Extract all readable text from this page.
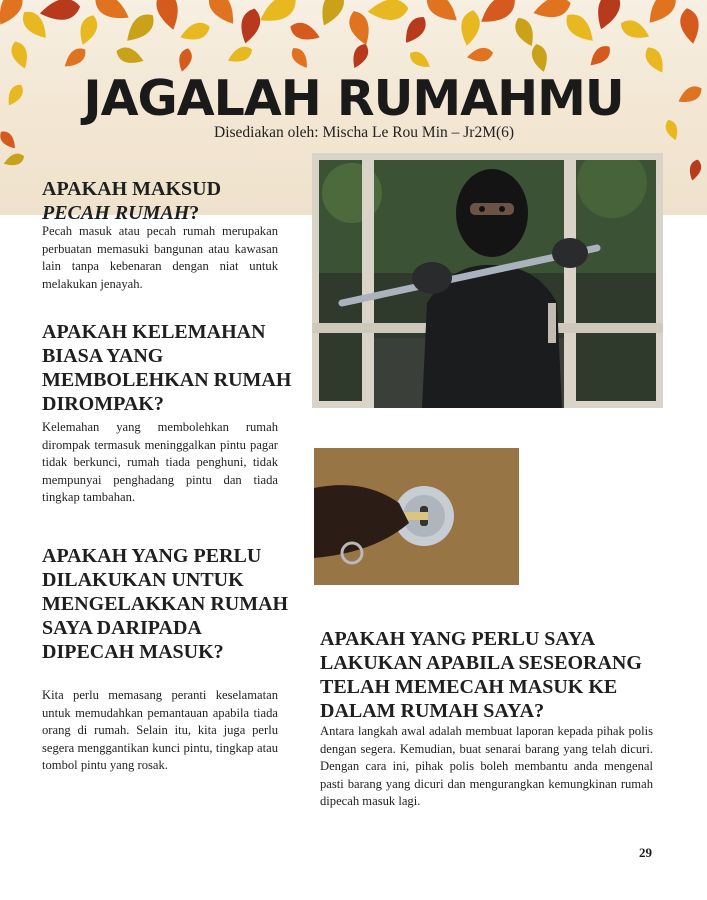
JAGALAH RUMAHMU

Disediakan oleh: Mischa Le Rou Min – Jr2M(6)

APAKAH MAKSUD
PECAH RUMAH?

Pecah masuk atau pecah rumah merupakan perbuatan memasuki bangunan atau kawasan lain tanpa kebenaran dengan niat untuk melakukan jenayah.

APAKAH KELEMAHAN BIASA YANG MEMBOLEHKAN RUMAH DIROMPAK?

Kelemahan yang membolehkan rumah dirompak termasuk meninggalkan pintu pagar tidak berkunci, rumah tiada penghuni, tidak mempunyai penghadang pintu dan tiada tingkap tambahan.

APAKAH YANG PERLU DILAKUKAN UNTUK MENGELAKKAN RUMAH SAYA DARIPADA DIPECAH MASUK?

Kita perlu memasang peranti keselamatan untuk memudahkan pemantauan apabila tiada orang di rumah. Selain itu, kita juga perlu segera menggantikan kunci pintu, tingkap atau tombol pintu yang rosak.

APAKAH YANG PERLU SAYA LAKUKAN APABILA SESEORANG TELAH MEMECAH MASUK KE DALAM RUMAH SAYA?

Antara langkah awal adalah membuat laporan kepada pihak polis dengan segera. Kemudian, buat senarai barang yang telah dicuri. Dengan cara ini, pihak polis boleh membantu anda mengenal pasti barang yang dicuri dan mengurangkan kemungkinan rumah dipecah masuk lagi.

29
